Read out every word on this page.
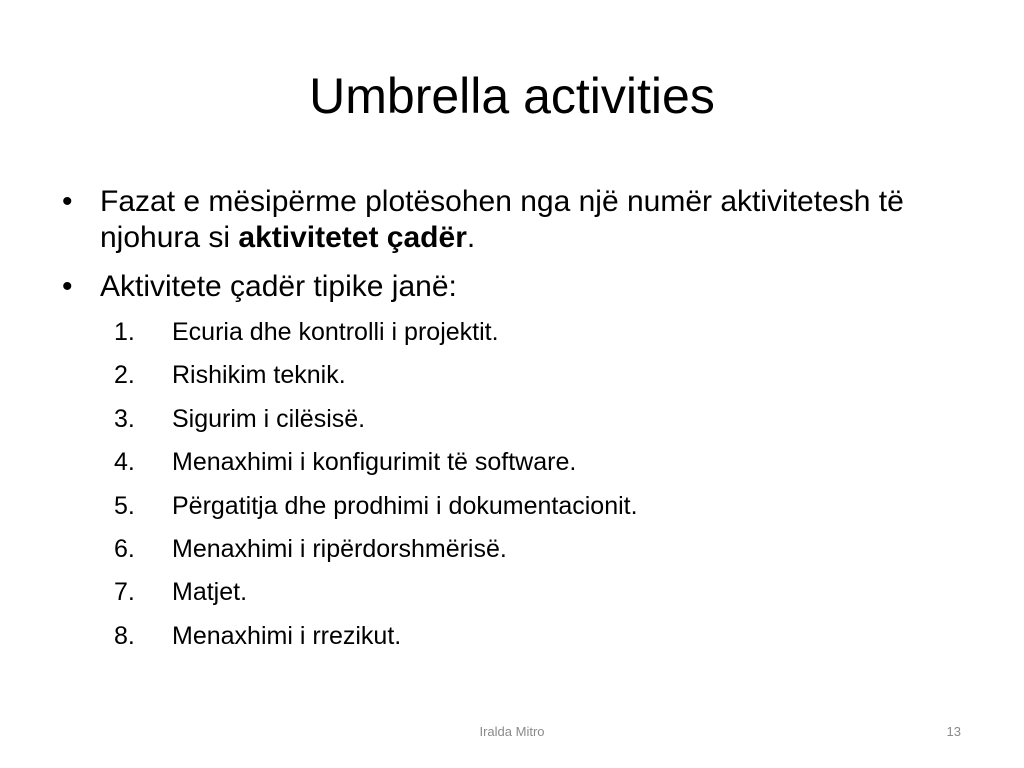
Umbrella activities
• Fazat e mësipërme plotësohen nga një numër aktivitetesh të njohura si aktivitetet çadër.
• Aktivitete çadër tipike janë:
1. Ecuria dhe kontrolli i projektit.
2. Rishikim teknik.
3. Sigurim i cilësisë.
4. Menaxhimi i konfigurimit të software.
5. Përgatitja dhe prodhimi i dokumentacionit.
6. Menaxhimi i ripërdorshmërisë.
7. Matjet.
8. Menaxhimi i rrezikut.
Iralda Mitro	13
